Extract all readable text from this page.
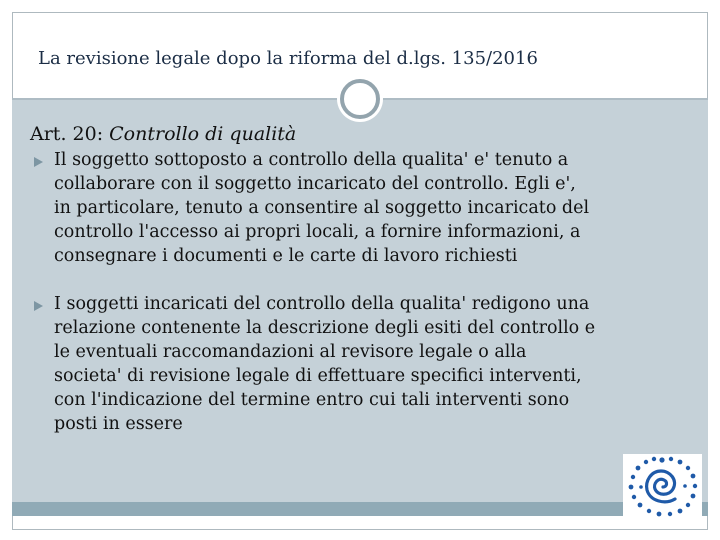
La revisione legale dopo la riforma del d.lgs. 135/2016
Art. 20: Controllo di qualità
Il soggetto sottoposto a controllo della qualita' e' tenuto a
collaborare con il soggetto incaricato del controllo. Egli e',
in particolare, tenuto a consentire al soggetto incaricato del
controllo l'accesso ai propri locali, a fornire informazioni, a
consegnare i documenti e le carte di lavoro richiesti
I soggetti incaricati del controllo della qualita' redigono una
relazione contenente la descrizione degli esiti del controllo e
le eventuali raccomandazioni al revisore legale o alla
societa' di revisione legale di effettuare specifici interventi,
con l'indicazione del termine entro cui tali interventi sono
posti in essere
